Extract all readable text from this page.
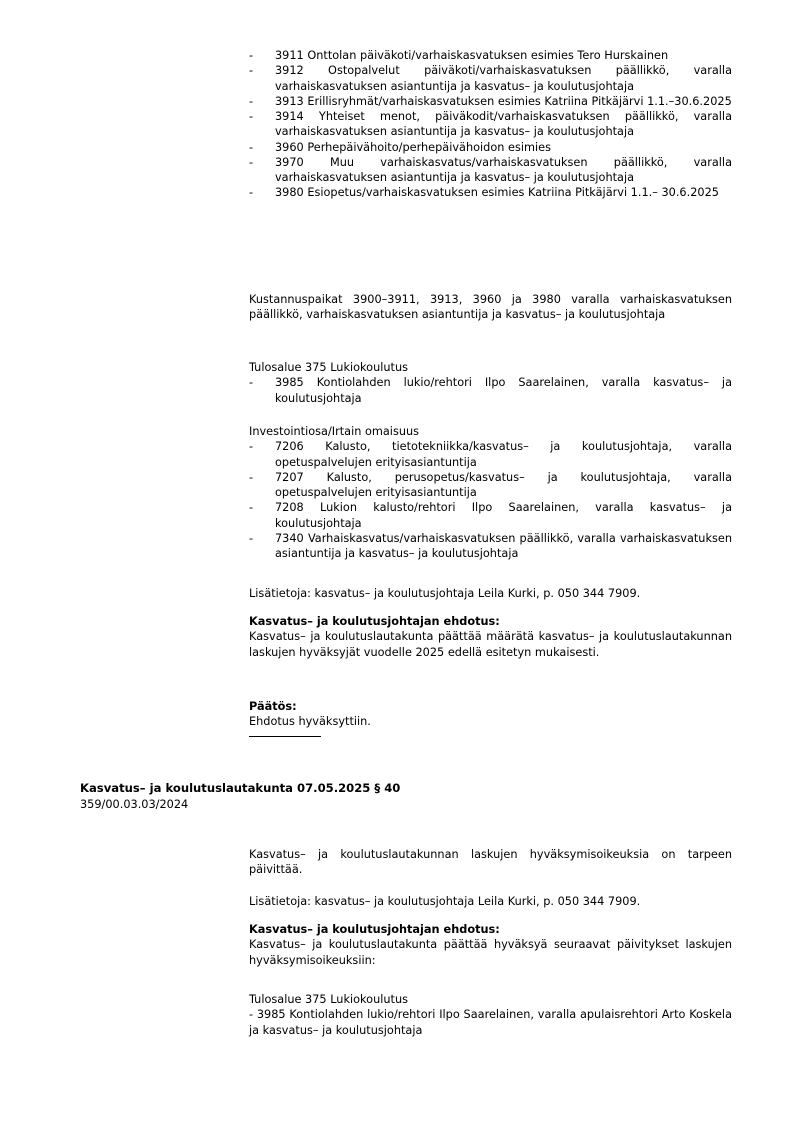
- 3911 Onttolan päiväkoti/varhaiskasvatuksen esimies Tero Hurskainen
- 3912 Ostopalvelut päiväkoti/varhaiskasvatuksen päällikkö, varalla varhaiskasvatuksen asiantuntija ja kasvatus– ja koulutusjohtaja
- 3913 Erillisryhmät/varhaiskasvatuksen esimies Katriina Pitkäjärvi 1.1.–30.6.2025
- 3914 Yhteiset menot, päiväkodit/varhaiskasvatuksen päällikkö, varalla varhaiskasvatuksen asiantuntija ja kasvatus– ja koulutusjohtaja
- 3960 Perhepäivähoito/perhepäivähoidon esimies
- 3970 Muu varhaiskasvatus/varhaiskasvatuksen päällikkö, varalla varhaiskasvatuksen asiantuntija ja kasvatus– ja koulutusjohtaja
- 3980 Esiopetus/varhaiskasvatuksen esimies Katriina Pitkäjärvi 1.1.– 30.6.2025

Kustannuspaikat 3900–3911, 3913, 3960 ja 3980 varalla varhaiskasvatuksen päällikkö, varhaiskasvatuksen asiantuntija ja kasvatus– ja koulutusjohtaja

Tulosalue 375 Lukiokoulutus

- 3985 Kontiolahden lukio/rehtori Ilpo Saarelainen, varalla kasvatus– ja koulutusjohtaja

Investointiosa/Irtain omaisuus

- 7206 Kalusto, tietotekniikka/kasvatus– ja koulutusjohtaja, varalla opetuspalvelujen erityisasiantuntija
- 7207 Kalusto, perusopetus/kasvatus– ja koulutusjohtaja, varalla opetuspalvelujen erityisasiantuntija
- 7208 Lukion kalusto/rehtori Ilpo Saarelainen, varalla kasvatus– ja koulutusjohtaja
- 7340 Varhaiskasvatus/varhaiskasvatuksen päällikkö, varalla varhaiskasvatuksen asiantuntija ja kasvatus– ja koulutusjohtaja

Lisätietoja: kasvatus– ja koulutusjohtaja Leila Kurki, p. 050 344 7909.

Kasvatus– ja koulutusjohtajan ehdotus:

Kasvatus– ja koulutuslautakunta päättää määrätä kasvatus– ja koulutuslautakunnan laskujen hyväksyjät vuodelle 2025 edellä esitetyn mukaisesti.

Päätös:

Ehdotus hyväksyttiin.

Kasvatus– ja koulutuslautakunta 07.05.2025 § 40

359/00.03.03/2024

Kasvatus– ja koulutuslautakunnan laskujen hyväksymisoikeuksia on tarpeen päivittää.

Lisätietoja: kasvatus– ja koulutusjohtaja Leila Kurki, p. 050 344 7909.

Kasvatus– ja koulutusjohtajan ehdotus:

Kasvatus– ja koulutuslautakunta päättää hyväksyä seuraavat päivitykset laskujen hyväksymisoikeuksiin:

Tulosalue 375 Lukiokoulutus

- 3985 Kontiolahden lukio/rehtori Ilpo Saarelainen, varalla apulaisrehtori Arto Koskela ja kasvatus– ja koulutusjohtaja
